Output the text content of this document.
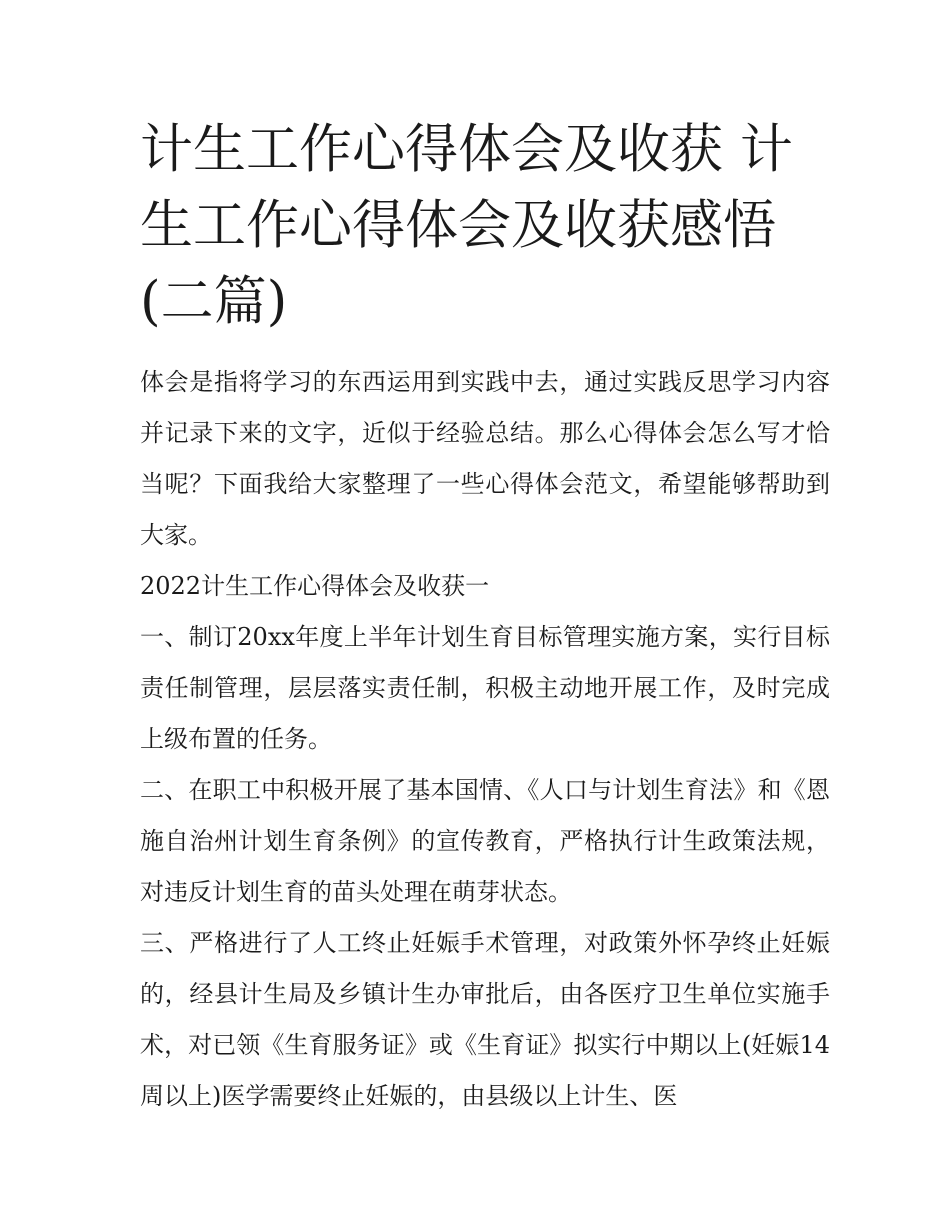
计生工作心得体会及收获 计生工作心得体会及收获感悟(二篇)

体会是指将学习的东西运用到实践中去，通过实践反思学习内容并记录下来的文字，近似于经验总结。那么心得体会怎么写才恰当呢？下面我给大家整理了一些心得体会范文，希望能够帮助到大家。

2022计生工作心得体会及收获一

一、制订20xx年度上半年计划生育目标管理实施方案，实行目标责任制管理，层层落实责任制，积极主动地开展工作，及时完成上级布置的任务。

二、在职工中积极开展了基本国情、《人口与计划生育法》和《恩施自治州计划生育条例》的宣传教育，严格执行计生政策法规，对违反计划生育的苗头处理在萌芽状态。

三、严格进行了人工终止妊娠手术管理，对政策外怀孕终止妊娠的，经县计生局及乡镇计生办审批后，由各医疗卫生单位实施手术，对已领《生育服务证》或《生育证》拟实行中期以上(妊娠14周以上)医学需要终止妊娠的，由县级以上计生、医
